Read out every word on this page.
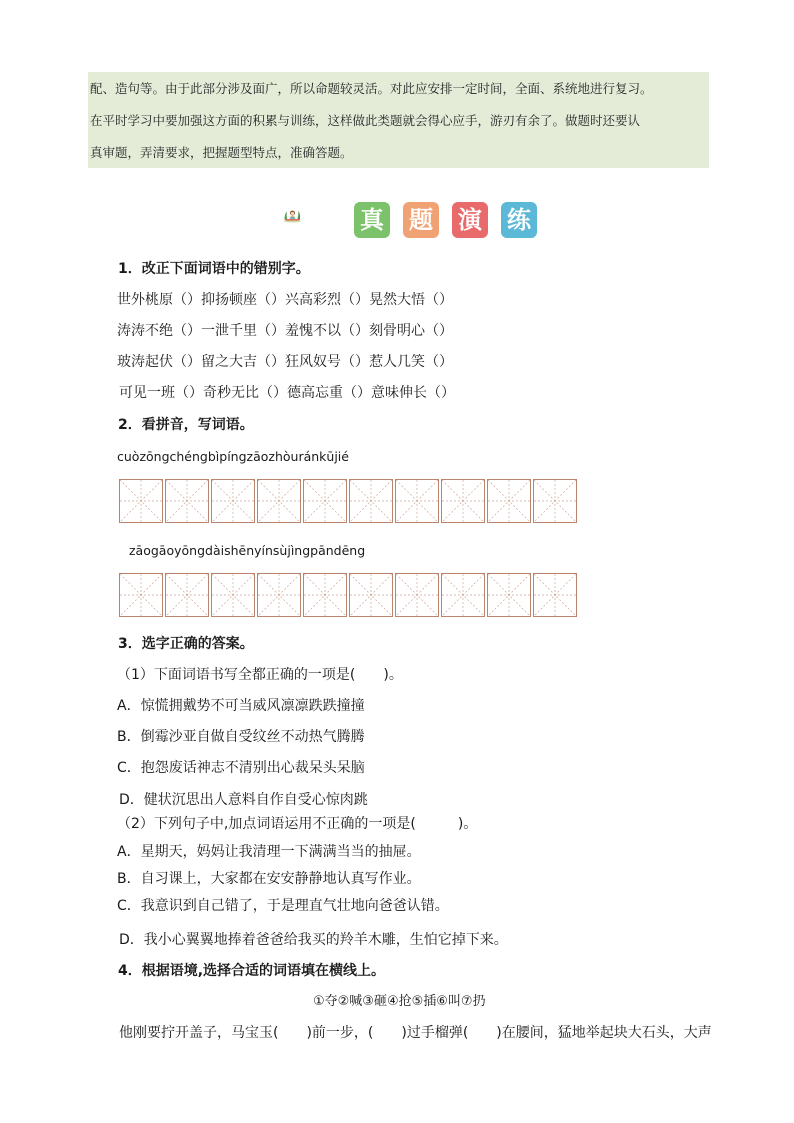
配、造句等。由于此部分涉及面广，所以命题较灵活。对此应安排一定时间，全面、系统地进行复习。
在平时学习中要加强这方面的积累与训练，这样做此类题就会得心应手，游刃有余了。做题时还要认
真审题，弄清要求，把握题型特点，准确答题。
真 题 演 练
1．改正下面词语中的错别字。
世外桃原（）抑扬顿座（）兴高彩烈（）晃然大悟（）
涛涛不绝（）一泄千里（）羞愧不以（）刻骨明心（）
玻涛起伏（）留之大吉（）狂风奴号（）惹人几笑（）
可见一班（）奇秒无比（）德高忘重（）意味伸长（）
2．看拼音，写词语。
cuòzōngchéngbìpíngzāozhòuránkūjié
zāogāoyōngdàishēnyínsùjìngpāndēng
3．选字正确的答案。
（1）下面词语书写全都正确的一项是(　　)。
A．惊慌拥戴势不可当威风凛凛跌跌撞撞
B．倒霉沙亚自做自受纹丝不动热气腾腾
C．抱怨废话神志不清别出心裁呆头呆脑
D．健状沉思出人意料自作自受心惊肉跳
（2）下列句子中,加点词语运用不正确的一项是(　　　)。
A．星期天，妈妈让我清理一下满满当当的抽屉。
B．自习课上，大家都在安安静静地认真写作业。
C．我意识到自己错了，于是理直气壮地向爸爸认错。
D．我小心翼翼地捧着爸爸给我买的羚羊木雕，生怕它掉下来。
4．根据语境,选择合适的词语填在横线上。
①夺②喊③砸④抢⑤插⑥叫⑦扔
他刚要拧开盖子，马宝玉(　　)前一步，(　　)过手榴弹(　　)在腰间，猛地举起块大石头，大声
